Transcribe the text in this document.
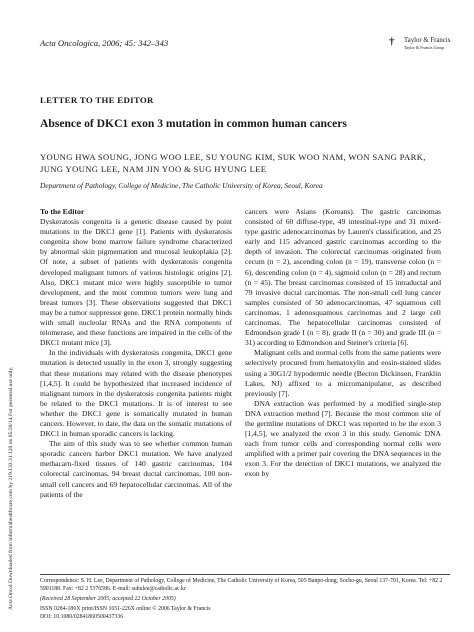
Acta Oncologica, 2006; 45: 342–343	† Taylor & Francis
Taylor & Francis Group
Acta Oncol Downloaded from informahealthcare.com by 219.133.31.120 on 05/20/14 For personal use only.
LETTER TO THE EDITOR
Absence of DKC1 exon 3 mutation in common human cancers
YOUNG HWA SOUNG, JONG WOO LEE, SU YOUNG KIM, SUK WOO NAM, WON SANG PARK, JUNG YOUNG LEE, NAM JIN YOO & SUG HYUNG LEE
Department of Pathology, College of Medicine, The Catholic University of Korea, Seoul, Korea

To the Editor

Dyskeratosis congenita is a genetic disease caused by point mutations in the DKC1 gene [1]. Patients with dyskeratosis congenita show bone marrow failure syndrome characterized by abnormal skin pigmentation and mucosal leukoplakia [2]. Of note, a subset of patients with dyskeratosis congenita developed malignant tumors of various histologic origins [2]. Also, DKC1 mutant mice were highly susceptible to tumor development, and the most common tumors were lung and breast tumors [3]. These observations suggested that DKC1 may be a tumor suppressor gene. DKC1 protein normally binds with small nucleolar RNAs and the RNA components of telomerase, and these functions are impaired in the cells of the DKC1 mutant mice [3].

In the individuals with dyskeratosis congenita, DKC1 gene mutation is detected usually in the exon 3, strongly suggesting that these mutations may related with the disease phenotypes [1,4,5]. It could be hypothesized that increased incidence of malignant tumors in the dyskeratosis congenita patients might be related to the DKC1 mutations. It is of interest to see whether the DKC1 gene is somatically mutated in human cancers. However, to date, the data on the somatic mutations of DKC1 in human sporadic cancers is lacking.

The aim of this study was to see whether common human sporadic cancers harbor DKC1 mutation. We have analyzed methacarn-fixed tissues of 140 gastric carcinomas, 104 colorectal carcinomas, 94 breast ductal carcinomas, 100 non-small cell cancers and 69 hepatocellular carcinomas. All of the patients of the

cancers were Asians (Koreans). The gastric carcinomas consisted of 60 diffuse-type, 49 intestinal-type and 31 mixed-type gastric adenocarcinomas by Lauren's classification, and 25 early and 115 advanced gastric carcinomas according to the depth of invasion. The colorectal carcinomas originated from cecum (n = 2), ascending colon (n = 19), transverse colon (n = 6), descending colon (n = 4), sigmoid colon (n = 28) and rectum (n = 45). The breast carcinomas consisted of 15 intraductal and 79 invasive ductal carcinomas. The non-small cell lung cancer samples consisted of 50 adenocarcinomas, 47 squamous cell carcinomas, 1 adenosquamous carcinomas and 2 large cell carcinomas. The hepatocellular carcinomas consisted of Edmondson grade I (n = 8), grade II (n = 30) and grade III (n = 31) according to Edmondson and Steiner's criteria [6].

Malignant cells and normal cells from the same patients were selectively procured from hematoxylin and eosin-stained slides using a 30G1/2 hypodermic needle (Becton Dickinson, Franklin Lakes, NJ) affixed to a micromanipulator, as described previously [7].

DNA extraction was performed by a modified single-step DNA extraction method [7]. Because the most common site of the germline mutations of DKC1 was reported to be the exon 3 [1,4,5], we analyzed the exon 3 in this study. Genomic DNA each from tumor cells and corresponding normal cells were amplified with a primer pair covering the DNA sequences in the exon 3. For the detection of DKC1 mutations, we analyzed the exon by

Correspondence: S. H. Lee, Department of Pathology, College of Medicine, The Catholic University of Korea, 505 Banpo-dong, Socho-gu, Seoul 137-701, Korea. Tel: +82 2 5901188. Fax: +82 2 5376586. E-mail: suhulee@catholic.ac.kr
(Received 28 September 2005; accepted 22 October 2005)
ISSN 0284-186X print/ISSN 1651-226X online © 2006 Taylor & Francis
DOI: 10.1080/02841860500437336
